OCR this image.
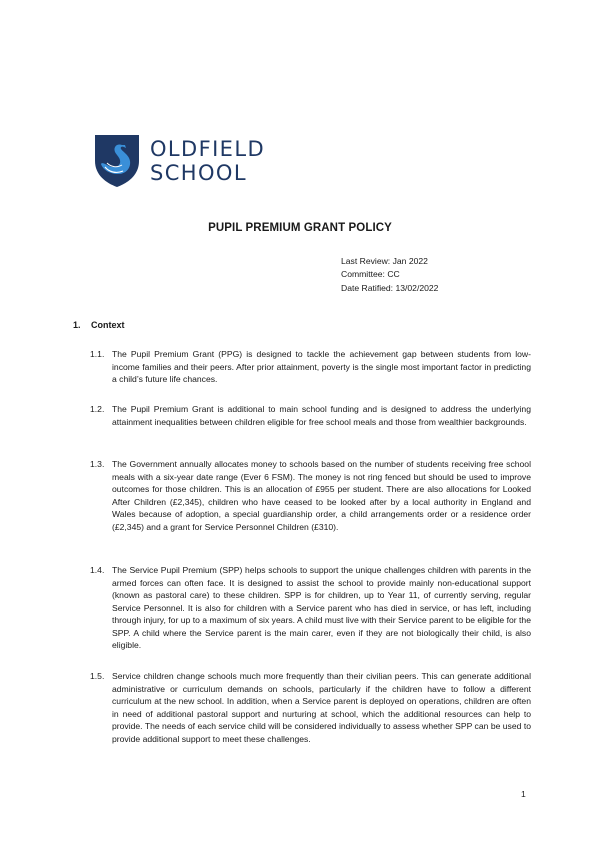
OLDFIELD
SCHOOL
PUPIL PREMIUM GRANT POLICY
Last Review: Jan 2022
Committee: CC
Date Ratified: 13/02/2022
1. Context
1.1. The Pupil Premium Grant (PPG) is designed to tackle the achievement gap between students from low-income families and their peers. After prior attainment, poverty is the single most important factor in predicting a child’s future life chances.
1.2. The Pupil Premium Grant is additional to main school funding and is designed to address the underlying attainment inequalities between children eligible for free school meals and those from wealthier backgrounds.
1.3. The Government annually allocates money to schools based on the number of students receiving free school meals with a six-year date range (Ever 6 FSM). The money is not ring fenced but should be used to improve outcomes for those children. This is an allocation of £955 per student. There are also allocations for Looked After Children (£2,345), children who have ceased to be looked after by a local authority in England and Wales because of adoption, a special guardianship order, a child arrangements order or a residence order (£2,345) and a grant for Service Personnel Children (£310).
1.4. The Service Pupil Premium (SPP) helps schools to support the unique challenges children with parents in the armed forces can often face. It is designed to assist the school to provide mainly non-educational support (known as pastoral care) to these children. SPP is for children, up to Year 11, of currently serving, regular Service Personnel. It is also for children with a Service parent who has died in service, or has left, including through injury, for up to a maximum of six years. A child must live with their Service parent to be eligible for the SPP. A child where the Service parent is the main carer, even if they are not biologically their child, is also eligible.
1.5. Service children change schools much more frequently than their civilian peers. This can generate additional administrative or curriculum demands on schools, particularly if the children have to follow a different curriculum at the new school. In addition, when a Service parent is deployed on operations, children are often in need of additional pastoral support and nurturing at school, which the additional resources can help to provide. The needs of each service child will be considered individually to assess whether SPP can be used to provide additional support to meet these challenges.
1
